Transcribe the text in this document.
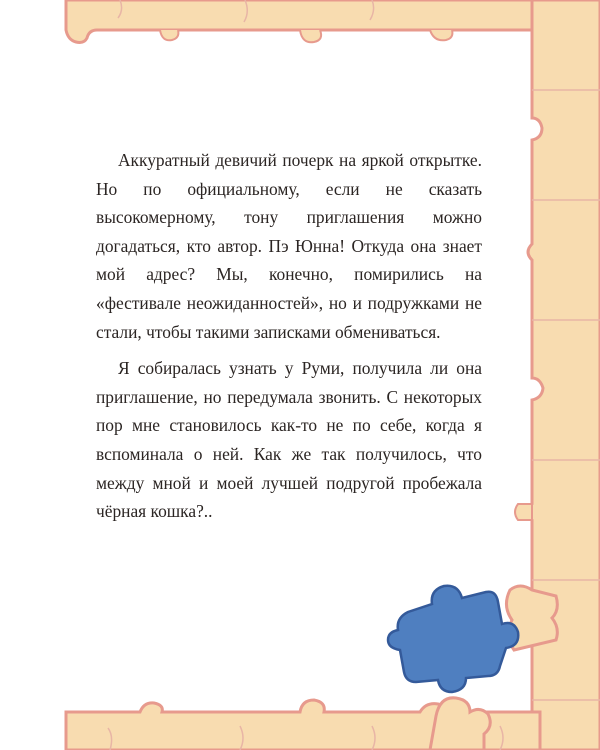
Аккуратный девичий почерк на яркой открытке. Но по официальному, если не сказать высокомерному, тону приглашения можно догадаться, кто автор. Пэ Юнна! Откуда она знает мой адрес? Мы, конечно, помирились на «фестивале неожиданностей», но и подружками не стали, чтобы такими записками обмениваться.

Я собиралась узнать у Руми, получила ли она приглашение, но передумала звонить. С некоторых пор мне становилось как-то не по себе, когда я вспоминала о ней. Как же так получилось, что между мной и моей лучшей подругой пробежала чёрная кошка?..
